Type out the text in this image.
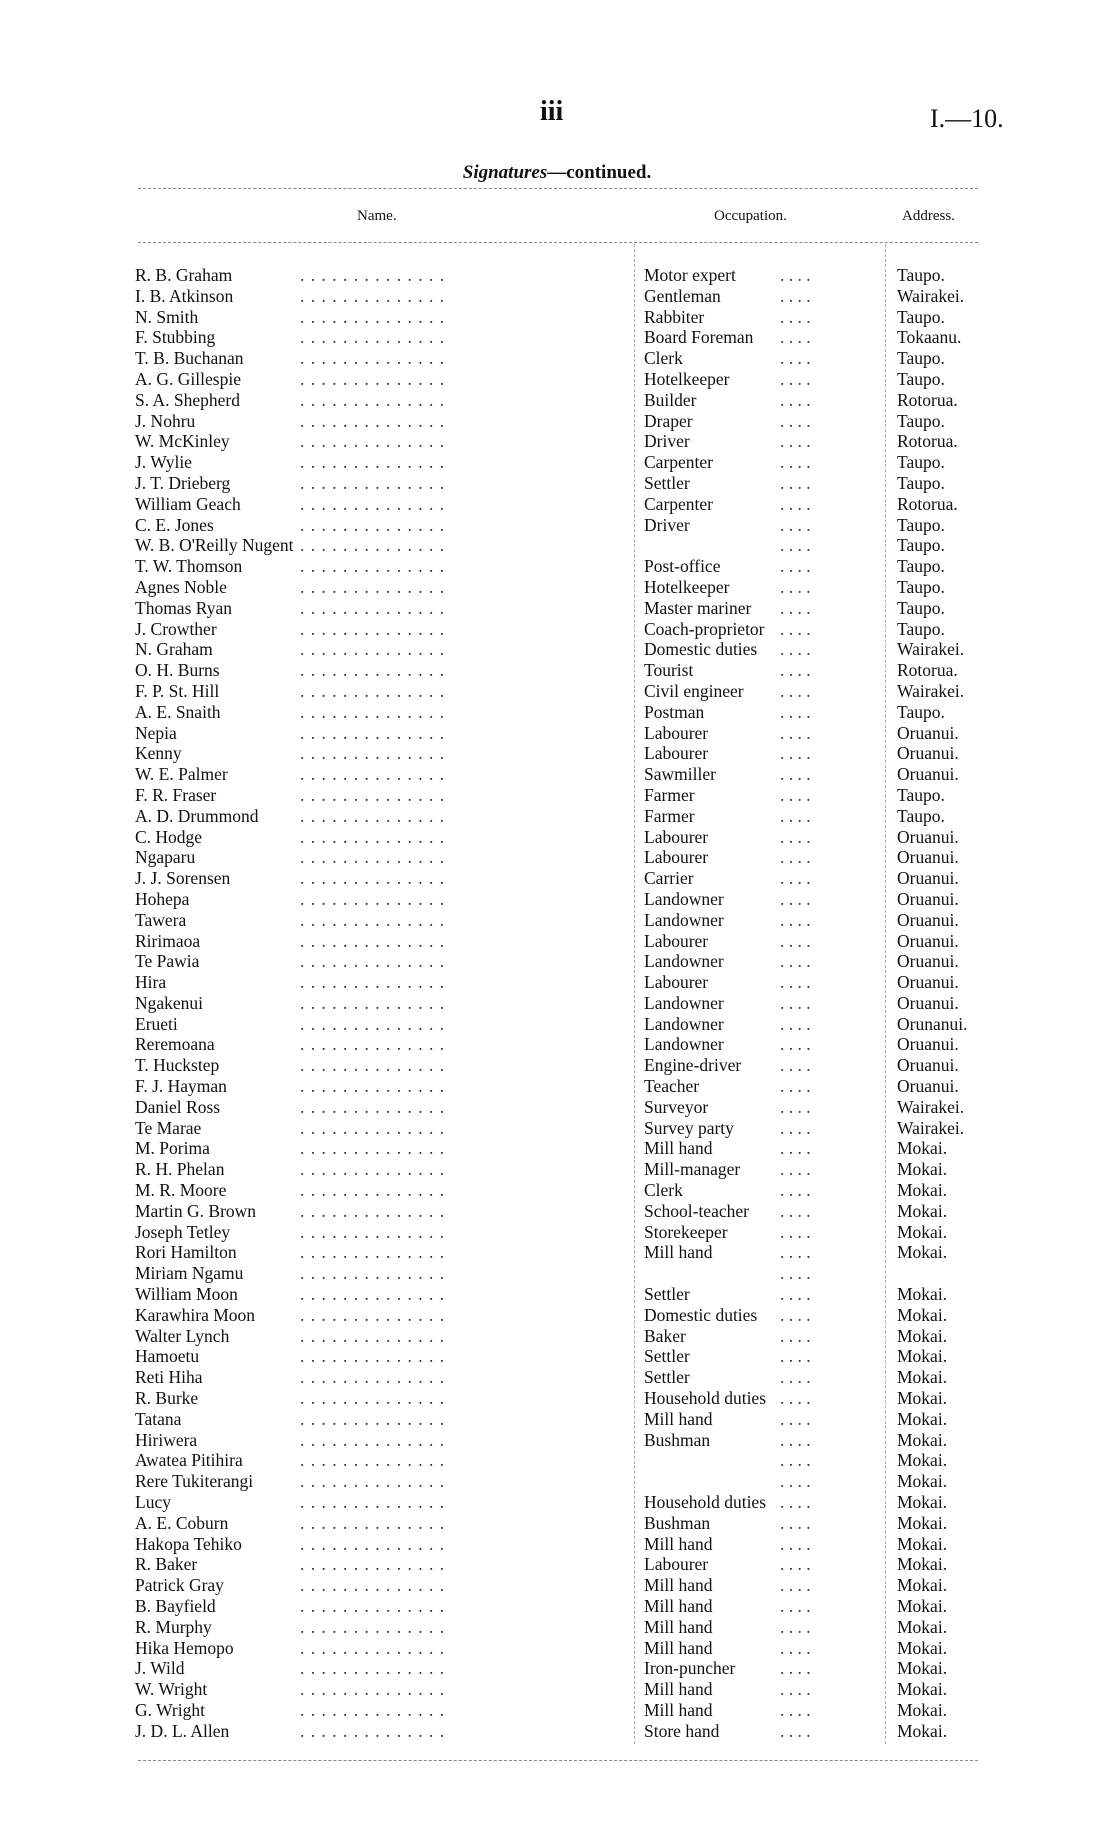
iii	I.—10.
Signatures—continued.
Name.	Occupation.	Address.
R. B. Graham	. . . . . . . . . . . . . .	Motor expert	. . . .	Taupo.
I. B. Atkinson	. . . . . . . . . . . . . .	Gentleman	. . . .	Wairakei.
N. Smith	. . . . . . . . . . . . . .	Rabbiter	. . . .	Taupo.
F. Stubbing	. . . . . . . . . . . . . .	Board Foreman . . . .	Tokaanu.
T. B. Buchanan	. . . . . . . . . . . . . .	Clerk	. . . .	Taupo.
A. G. Gillespie	. . . . . . . . . . . . . .	Hotelkeeper	. . . .	Taupo.
S. A. Shepherd	. . . . . . . . . . . . . .	Builder	. . . .	Rotorua.
J. Nohru	. . . . . . . . . . . . . .	Draper	. . . .	Taupo.
W. McKinley	. . . . . . . . . . . . . .	Driver	. . . .	Rotorua.
J. Wylie	. . . . . . . . . . . . . .	Carpenter	. . . .	Taupo.
J. T. Drieberg	. . . . . . . . . . . . . .	Settler	. . . .	Taupo.
William Geach	. . . . . . . . . . . . . .	Carpenter	. . . .	Rotorua.
C. E. Jones	. . . . . . . . . . . . . .	Driver	. . . .	Taupo.
W. B. O'Reilly Nugent . . . . . . . . . . . . . .	. . . .	Taupo.
T. W. Thomson	. . . . . . . . . . . . . .	Post-office	. . . .	Taupo.
Agnes Noble	. . . . . . . . . . . . . .	Hotelkeeper	. . . .	Taupo.
Thomas Ryan	. . . . . . . . . . . . . .	Master mariner . . . .	Taupo.
J. Crowther	. . . . . . . . . . . . . .	Coach-proprietor . . . .	Taupo.
N. Graham	. . . . . . . . . . . . . .	Domestic duties . . . .	Wairakei.
O. H. Burns	. . . . . . . . . . . . . .	Tourist	. . . .	Rotorua.
F. P. St. Hill	. . . . . . . . . . . . . .	Civil engineer . . . .	Wairakei.
A. E. Snaith	. . . . . . . . . . . . . .	Postman	. . . .	Taupo.
Nepia	. . . . . . . . . . . . . .	Labourer	. . . .	Oruanui.
Kenny	. . . . . . . . . . . . . .	Labourer	. . . .	Oruanui.
W. E. Palmer	. . . . . . . . . . . . . .	Sawmiller	. . . .	Oruanui.
F. R. Fraser	. . . . . . . . . . . . . .	Farmer	. . . .	Taupo.
A. D. Drummond . . . . . . . . . . . . . .	Farmer	. . . .	Taupo.
C. Hodge	. . . . . . . . . . . . . .	Labourer	. . . .	Oruanui.
Ngaparu	. . . . . . . . . . . . . .	Labourer	. . . .	Oruanui.
J. J. Sorensen	. . . . . . . . . . . . . .	Carrier	. . . .	Oruanui.
Hohepa	. . . . . . . . . . . . . .	Landowner	. . . .	Oruanui.
Tawera	. . . . . . . . . . . . . .	Landowner	. . . .	Oruanui.
Ririmaoa	. . . . . . . . . . . . . .	Labourer	. . . .	Oruanui.
Te Pawia	. . . . . . . . . . . . . .	Landowner	. . . .	Oruanui.
Hira	. . . . . . . . . . . . . .	Labourer	. . . .	Oruanui.
Ngakenui	. . . . . . . . . . . . . .	Landowner	. . . .	Oruanui.
Erueti	. . . . . . . . . . . . . .	Landowner	. . . .	Orunanui.
Reremoana	. . . . . . . . . . . . . .	Landowner	. . . .	Oruanui.
T. Huckstep	. . . . . . . . . . . . . .	Engine-driver . . . .	Oruanui.
F. J. Hayman	. . . . . . . . . . . . . .	Teacher	. . . .	Oruanui.
Daniel Ross	. . . . . . . . . . . . . .	Surveyor	. . . .	Wairakei.
Te Marae	. . . . . . . . . . . . . .	Survey party	. . . .	Wairakei.
M. Porima	. . . . . . . . . . . . . .	Mill hand	. . . .	Mokai.
R. H. Phelan	. . . . . . . . . . . . . .	Mill-manager . . . .	Mokai.
M. R. Moore	. . . . . . . . . . . . . .	Clerk	. . . .	Mokai.
Martin G. Brown	. . . . . . . . . . . . . .	School-teacher . . . .	Mokai.
Joseph Tetley	. . . . . . . . . . . . . .	Storekeeper	. . . .	Mokai.
Rori Hamilton	. . . . . . . . . . . . . .	Mill hand	. . . .	Mokai.
Miriam Ngamu	. . . . . . . . . . . . . .	. . . .
William Moon	. . . . . . . . . . . . . .	Settler	. . . .	Mokai.
Karawhira Moon	. . . . . . . . . . . . . .	Domestic duties . . . .	Mokai.
Walter Lynch	. . . . . . . . . . . . . .	Baker	. . . .	Mokai.
Hamoetu	. . . . . . . . . . . . . .	Settler	. . . .	Mokai.
Reti Hiha	. . . . . . . . . . . . . .	Settler	. . . .	Mokai.
R. Burke	. . . . . . . . . . . . . .	Household duties . . . .	Mokai.
Tatana	. . . . . . . . . . . . . .	Mill hand	. . . .	Mokai.
Hiriwera	. . . . . . . . . . . . . .	Bushman	. . . .	Mokai.
Awatea Pitihira	. . . . . . . . . . . . . .	. . . .	Mokai.
Rere Tukiterangi	. . . . . . . . . . . . . .	. . . .	Mokai.
Lucy	. . . . . . . . . . . . . .	Household duties . . . .	Mokai.
A. E. Coburn	. . . . . . . . . . . . . .	Bushman	. . . .	Mokai.
Hakopa Tehiko	. . . . . . . . . . . . . .	Mill hand	. . . .	Mokai.
R. Baker	. . . . . . . . . . . . . .	Labourer	. . . .	Mokai.
Patrick Gray	. . . . . . . . . . . . . .	Mill hand	. . . .	Mokai.
B. Bayfield	. . . . . . . . . . . . . .	Mill hand	. . . .	Mokai.
R. Murphy	. . . . . . . . . . . . . .	Mill hand	. . . .	Mokai.
Hika Hemopo	. . . . . . . . . . . . . .	Mill hand	. . . .	Mokai.
J. Wild	. . . . . . . . . . . . . .	Iron-puncher	. . . .	Mokai.
W. Wright	. . . . . . . . . . . . . .	Mill hand	. . . .	Mokai.
G. Wright	. . . . . . . . . . . . . .	Mill hand	. . . .	Mokai.
J. D. L. Allen	. . . . . . . . . . . . . .	Store hand	. . . .	Mokai.
